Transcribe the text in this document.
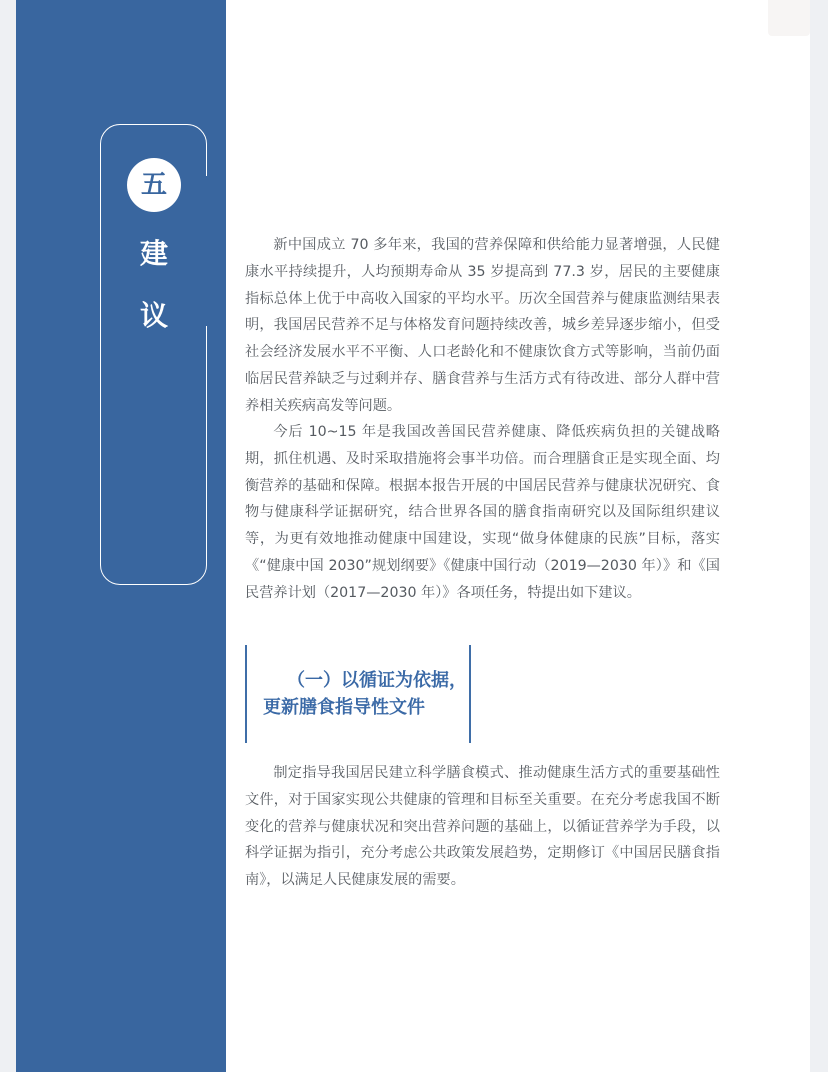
五
建
议

新中国成立 70 多年来，我国的营养保障和供给能力显著增强，人民健康水平持续提升，人均预期寿命从 35 岁提高到 77.3 岁，居民的主要健康指标总体上优于中高收入国家的平均水平。历次全国营养与健康监测结果表明，我国居民营养不足与体格发育问题持续改善，城乡差异逐步缩小，但受社会经济发展水平不平衡、人口老龄化和不健康饮食方式等影响，当前仍面临居民营养缺乏与过剩并存、膳食营养与生活方式有待改进、部分人群中营养相关疾病高发等问题。

今后 10~15 年是我国改善国民营养健康、降低疾病负担的关键战略期，抓住机遇、及时采取措施将会事半功倍。而合理膳食正是实现全面、均衡营养的基础和保障。根据本报告开展的中国居民营养与健康状况研究、食物与健康科学证据研究，结合世界各国的膳食指南研究以及国际组织建议等，为更有效地推动健康中国建设，实现“做身体健康的民族”目标，落实《“健康中国 2030”规划纲要》《健康中国行动（2019—2030 年）》和《国民营养计划（2017—2030 年）》各项任务，特提出如下建议。

（一）以循证为依据，
更新膳食指导性文件

制定指导我国居民建立科学膳食模式、推动健康生活方式的重要基础性文件，对于国家实现公共健康的管理和目标至关重要。在充分考虑我国不断变化的营养与健康状况和突出营养问题的基础上，以循证营养学为手段，以科学证据为指引，充分考虑公共政策发展趋势，定期修订《中国居民膳食指南》，以满足人民健康发展的需要。
